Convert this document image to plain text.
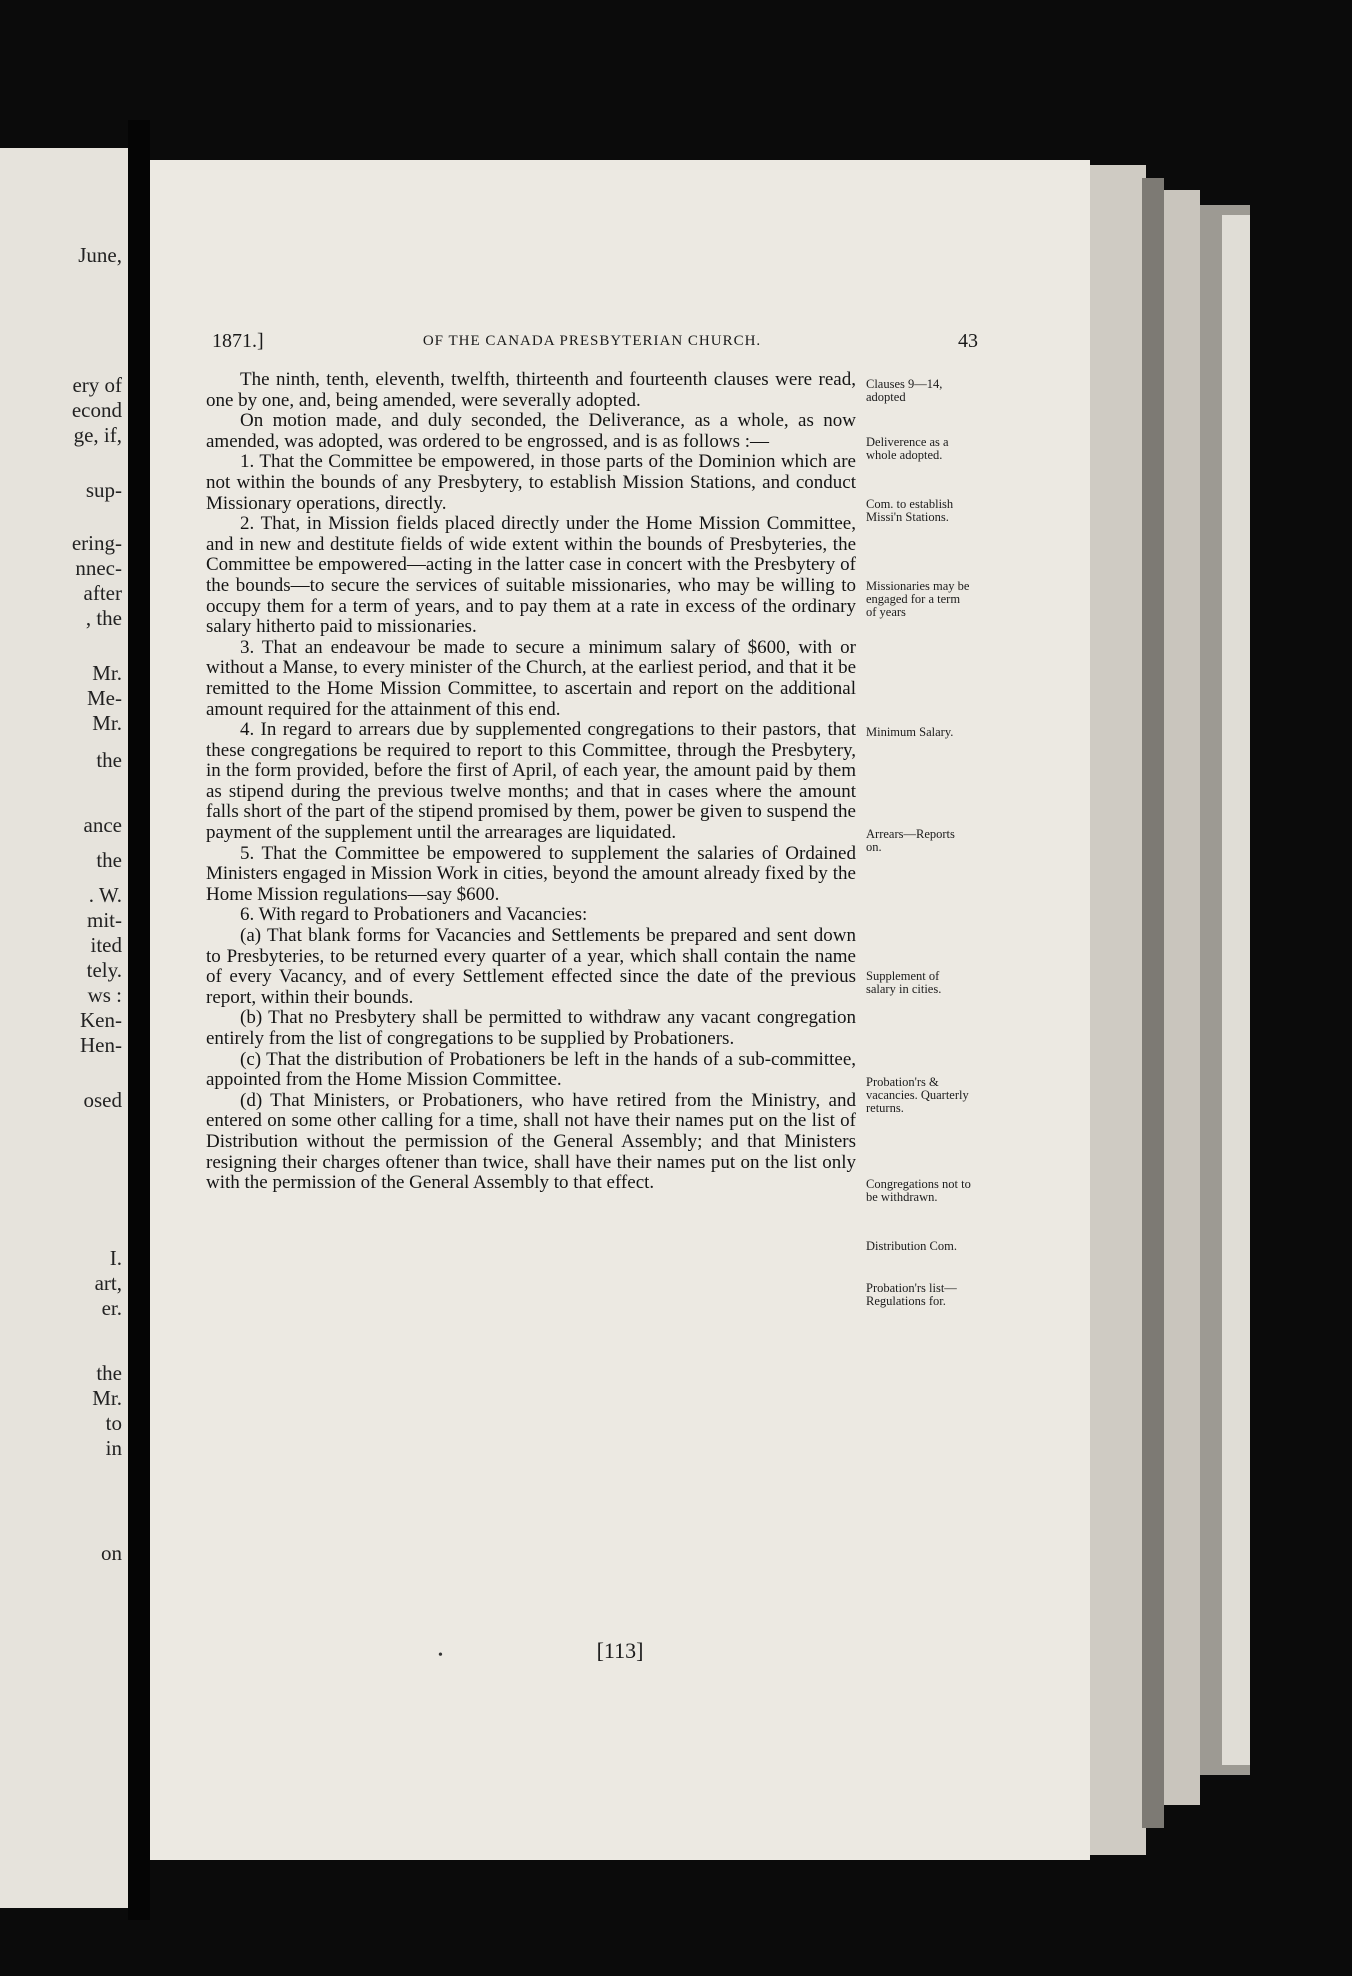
June,
ery of
econd
ge, if,
sup-
ering-
nnec-
after
, the
Mr.
Me-
Mr.
the
ance
the
. W.
mit-
ited
tely.
ws :
Ken-
Hen-
osed
I.
art,
er.
the
Mr.
to
in
on
1871.]	OF THE CANADA PRESBYTERIAN CHURCH.	43

The ninth, tenth, eleventh, twelfth, thirteenth and fourteenth clauses were read, one by one, and, being amended, were severally adopted.

On motion made, and duly seconded, the Deliverance, as a whole, as now amended, was adopted, was ordered to be engrossed, and is as follows :—

1. That the Committee be empowered, in those parts of the Dominion which are not within the bounds of any Presbytery, to establish Mission Stations, and conduct Missionary operations, directly.

2. That, in Mission fields placed directly under the Home Mission Committee, and in new and destitute fields of wide extent within the bounds of Presbyteries, the Committee be empowered—acting in the latter case in concert with the Presbytery of the bounds—to secure the services of suitable missionaries, who may be willing to occupy them for a term of years, and to pay them at a rate in excess of the ordinary salary hitherto paid to missionaries.

3. That an endeavour be made to secure a minimum salary of $600, with or without a Manse, to every minister of the Church, at the earliest period, and that it be remitted to the Home Mission Committee, to ascertain and report on the additional amount required for the attainment of this end.

4. In regard to arrears due by supplemented congregations to their pastors, that these congregations be required to report to this Committee, through the Presbytery, in the form provided, before the first of April, of each year, the amount paid by them as stipend during the previous twelve months; and that in cases where the amount falls short of the part of the stipend promised by them, power be given to suspend the payment of the supplement until the arrearages are liquidated.

5. That the Committee be empowered to supplement the salaries of Ordained Ministers engaged in Mission Work in cities, beyond the amount already fixed by the Home Mission regulations—say $600.

6. With regard to Probationers and Vacancies:

(a) That blank forms for Vacancies and Settlements be prepared and sent down to Presbyteries, to be returned every quarter of a year, which shall contain the name of every Vacancy, and of every Settlement effected since the date of the previous report, within their bounds.

(b) That no Presbytery shall be permitted to withdraw any vacant congregation entirely from the list of congregations to be supplied by Probationers.

(c) That the distribution of Probationers be left in the hands of a sub-committee, appointed from the Home Mission Committee.

(d) That Ministers, or Probationers, who have retired from the Ministry, and entered on some other calling for a time, shall not have their names put on the list of Distribution without the permission of the General Assembly; and that Ministers resigning their charges oftener than twice, shall have their names put on the list only with the permission of the General Assembly to that effect.

Clauses 9—14, adopted
Deliverence as a whole adopted.
Com. to establish Missi'n Stations.
Missionaries may be engaged for a term of years
Minimum Salary.
Arrears—Reports on.
Supplement of salary in cities.
Probation'rs & vacancies. Quarterly returns.
Congregations not to be withdrawn.
Distribution Com.
Probation'rs list—Regulations for.
•	[113]
